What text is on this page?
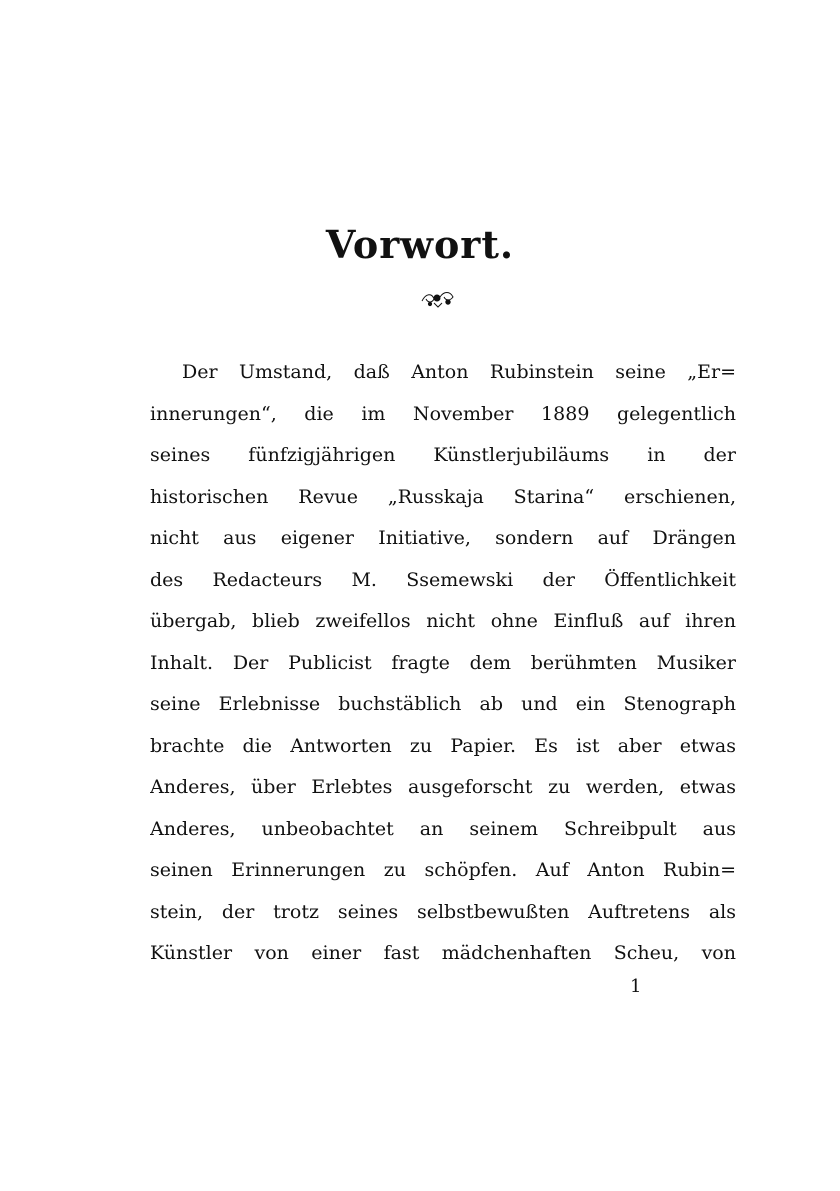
Vorwort.
Der Umstand, daß Anton Rubinstein seine „Er=
innerungen“, die im November 1889 gelegentlich
seines fünfzigjährigen Künstlerjubiläums in der
historischen Revue „Russkaja Starina“ erschienen,
nicht aus eigener Initiative, sondern auf Drängen
des Redacteurs M. Ssemewski der Öffentlichkeit
übergab, blieb zweifellos nicht ohne Einfluß auf ihren
Inhalt. Der Publicist fragte dem berühmten Musiker
seine Erlebnisse buchstäblich ab und ein Stenograph
brachte die Antworten zu Papier. Es ist aber etwas
Anderes, über Erlebtes ausgeforscht zu werden, etwas
Anderes, unbeobachtet an seinem Schreibpult aus
seinen Erinnerungen zu schöpfen. Auf Anton Rubin=
stein, der trotz seines selbstbewußten Auftretens als
Künstler von einer fast mädchenhaften Scheu, von
1
